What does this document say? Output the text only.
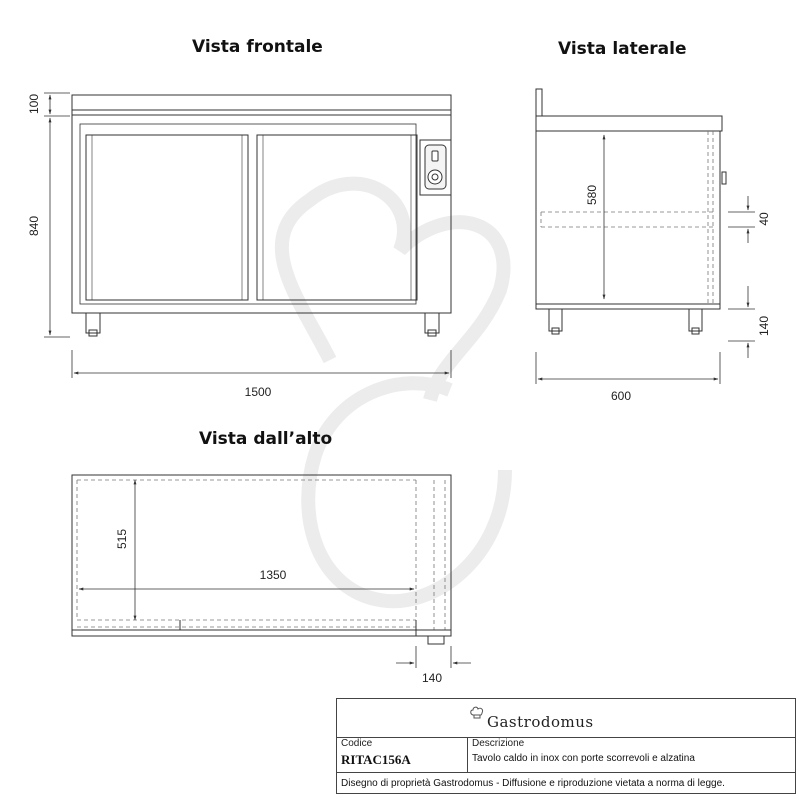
Vista frontale	Vista laterale
Vista dall’alto
100
840
1500
580
40
140
600
515
1350
140
Gastrodomus
Codice
RITAC156A
Descrizione
Tavolo caldo in inox con porte scorrevoli e alzatina
Disegno di proprietà Gastrodomus - Diffusione e riproduzione vietata a norma di legge.
